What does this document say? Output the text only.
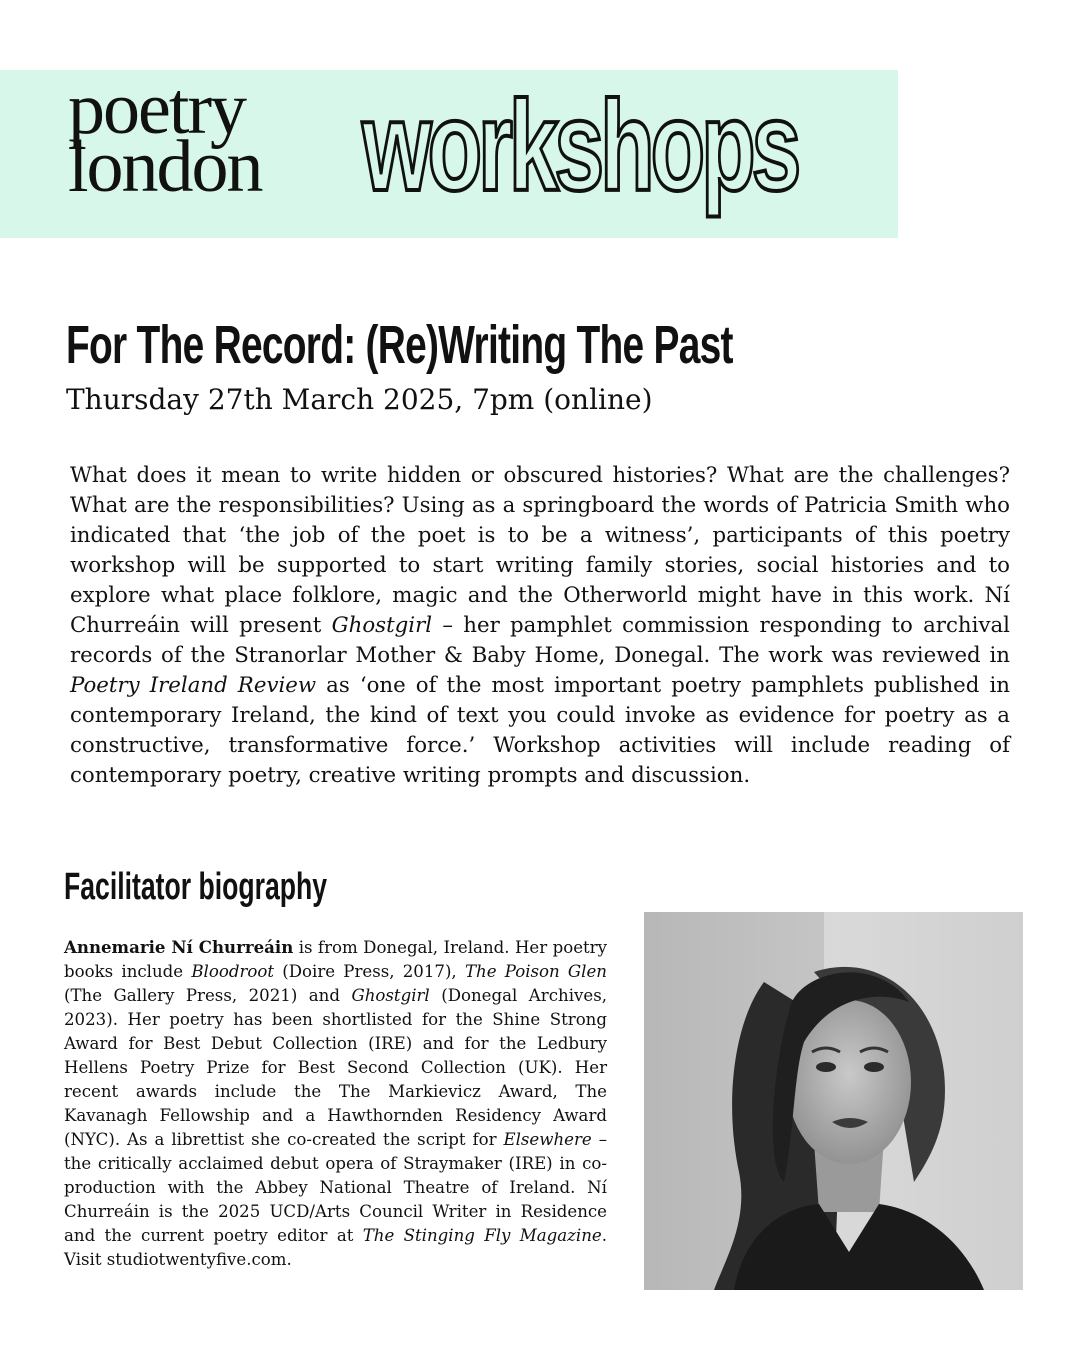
poetry
london workshops
For The Record: (Re)Writing The Past
Thursday 27th March 2025, 7pm (online)

What does it mean to write hidden or obscured histories? What are the challenges? What are the responsibilities? Using as a springboard the words of Patricia Smith who indicated that ‘the job of the poet is to be a witness’, participants of this poetry workshop will be supported to start writing family stories, social histories and to explore what place folklore, magic and the Otherworld might have in this work. Ní Churreáin will present Ghostgirl – her pamphlet commission responding to archival records of the Stranorlar Mother & Baby Home, Donegal. The work was reviewed in Poetry Ireland Review as ‘one of the most important poetry pamphlets published in contemporary Ireland, the kind of text you could invoke as evidence for poetry as a constructive, transformative force.’ Workshop activities will include reading of contemporary poetry, creative writing prompts and discussion.

Facilitator biography

Annemarie Ní Churreáin is from Donegal, Ireland. Her poetry books include Bloodroot (Doire Press, 2017), The Poison Glen (The Gallery Press, 2021) and Ghostgirl (Donegal Archives, 2023). Her poetry has been shortlisted for the Shine Strong Award for Best Debut Collection (IRE) and for the Ledbury Hellens Poetry Prize for Best Second Collection (UK). Her recent awards include the The Markievicz Award, The Kavanagh Fellowship and a Hawthornden Residency Award (NYC). As a librettist she co-created the script for Elsewhere – the critically acclaimed debut opera of Straymaker (IRE) in co-production with the Abbey National Theatre of Ireland. Ní Churreáin is the 2025 UCD/Arts Council Writer in Residence and the current poetry editor at The Stinging Fly Magazine. Visit studiotwentyfive.com.
